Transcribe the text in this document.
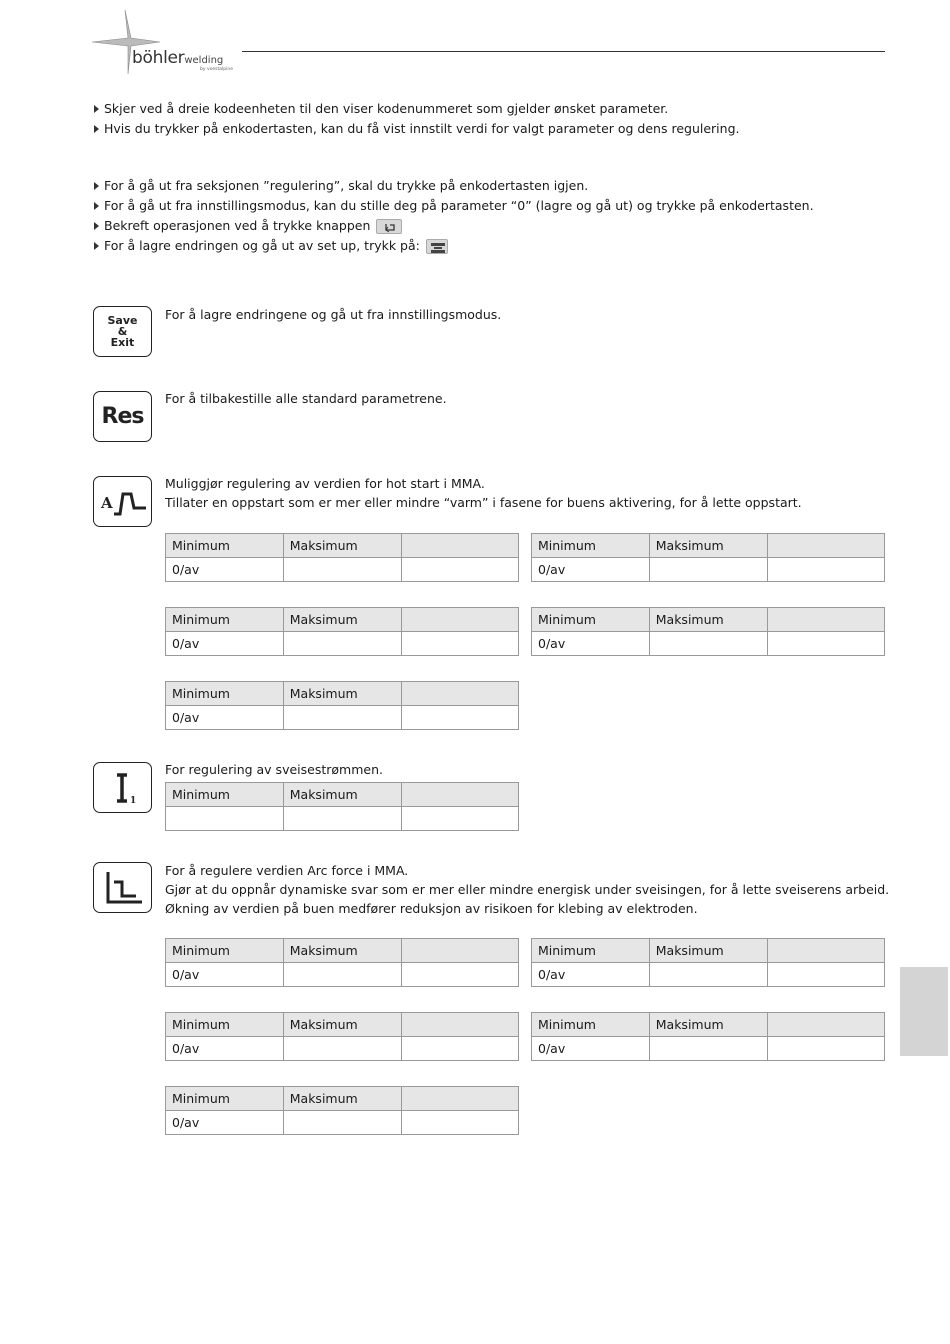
böhlerwelding
by voestalpine
Skjer ved å dreie kodeenheten til den viser kodenummeret som gjelder ønsket parameter.
Hvis du trykker på enkodertasten, kan du få vist innstilt verdi for valgt parameter og dens regulering.
For å gå ut fra seksjonen ”regulering”, skal du trykke på enkodertasten igjen.
For å gå ut fra innstillingsmodus, kan du stille deg på parameter “0” (lagre og gå ut) og trykke på enkodertasten.
Bekreft operasjonen ved å trykke knappen
For å lagre endringen og gå ut av set up, trykk på:
Save
&
Exit
For å lagre endringene og gå ut fra innstillingsmodus.
Res
For å tilbakestille alle standard parametrene.
A
Muliggjør regulering av verdien for hot start i MMA.
Tillater en oppstart som er mer eller mindre “varm” i fasene for buens aktivering, for å lette oppstart.
Minimum	Maksimum	
0/av		
Minimum	Maksimum	
0/av		
Minimum	Maksimum	
0/av		
Minimum	Maksimum	
0/av		
Minimum	Maksimum	
0/av		
1
For regulering av sveisestrømmen.
Minimum	Maksimum	

For å regulere verdien Arc force i MMA.
Gjør at du oppnår dynamiske svar som er mer eller mindre energisk under sveisingen, for å lette sveiserens arbeid.
Økning av verdien på buen medfører reduksjon av risikoen for klebing av elektroden.
Minimum	Maksimum	
0/av		
Minimum	Maksimum	
0/av		
Minimum	Maksimum	
0/av		
Minimum	Maksimum	
0/av		
Minimum	Maksimum	
0/av		
